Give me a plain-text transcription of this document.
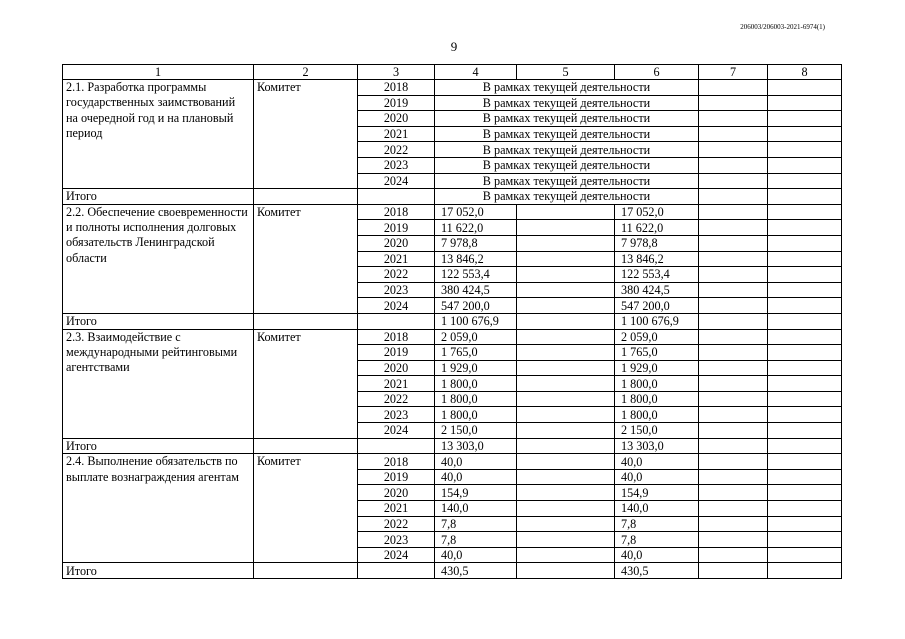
206003/206003-2021-6974(1)
9
1	2	3	4	5	6	7	8
2.1. Разработка программы государственных заимствований на очередной год и на плановый период	Комитет	2018	В рамках текущей деятельности				
		2019	В рамках текущей деятельности				
		2020	В рамках текущей деятельности				
		2021	В рамках текущей деятельности				
		2022	В рамках текущей деятельности				
		2023	В рамках текущей деятельности				
		2024	В рамках текущей деятельности				
Итого			В рамках текущей деятельности				
2.2. Обеспечение своевременности и полноты исполнения долговых обязательств Ленинградской области	Комитет	2018	17 052,0		17 052,0		
		2019	11 622,0		11 622,0		
		2020	7 978,8		7 978,8		
		2021	13 846,2		13 846,2		
		2022	122 553,4		122 553,4		
		2023	380 424,5		380 424,5		
		2024	547 200,0		547 200,0		
Итого			1 100 676,9		1 100 676,9		
2.3. Взаимодействие с международными рейтинговыми агентствами	Комитет	2018	2 059,0		2 059,0		
		2019	1 765,0		1 765,0		
		2020	1 929,0		1 929,0		
		2021	1 800,0		1 800,0		
		2022	1 800,0		1 800,0		
		2023	1 800,0		1 800,0		
		2024	2 150,0		2 150,0		
Итого			13 303,0		13 303,0		
2.4. Выполнение обязательств по выплате вознаграждения агентам	Комитет	2018	40,0		40,0		
		2019	40,0		40,0		
		2020	154,9		154,9		
		2021	140,0		140,0		
		2022	7,8		7,8		
		2023	7,8		7,8		
		2024	40,0		40,0		
Итого			430,5		430,5		
